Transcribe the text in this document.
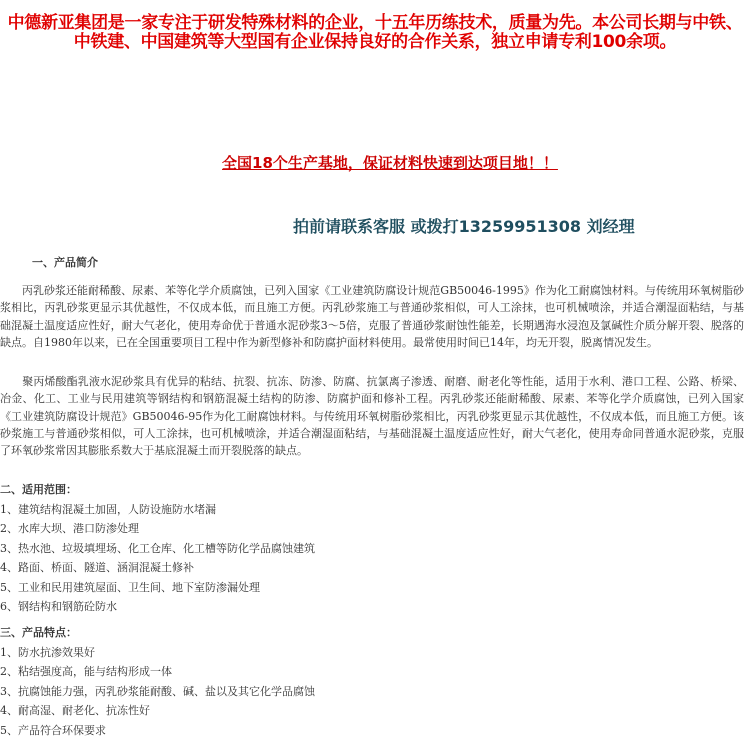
中德新亚集团是一家专注于研发特殊材料的企业，十五年历练技术，质量为先。本公司长期与中铁、中铁建、中国建筑等大型国有企业保持良好的合作关系，独立申请专利100余项。
全国18个生产基地，保证材料快速到达项目地！！
拍前请联系客服 或拨打13259951308 刘经理
一、产品简介
　　丙乳砂浆还能耐稀酸、尿素、苯等化学介质腐蚀，已列入国家《工业建筑防腐设计规范GB50046-1995》作为化工耐腐蚀材料。与传统用环氧树脂砂浆相比，丙乳砂浆更显示其优越性，不仅成本低，而且施工方便。丙乳砂浆施工与普通砂浆相似，可人工涂抹，也可机械喷涂，并适合潮湿面粘结，与基础混凝土温度适应性好，耐大气老化，使用寿命优于普通水泥砂浆3～5倍，克服了普通砂浆耐蚀性能差，长期遇海水浸泡及氯碱性介质分解开裂、脱落的缺点。自1980年以来，已在全国重要项目工程中作为新型修补和防腐护面材料使用。最常使用时间已14年，均无开裂，脱离情况发生。
　　聚丙烯酸酯乳液水泥砂浆具有优异的粘结、抗裂、抗冻、防渗、防腐、抗氯离子渗透、耐磨、耐老化等性能，适用于水利、港口工程、公路、桥梁、冶金、化工、工业与民用建筑等钢结构和钢筋混凝土结构的防渗、防腐护面和修补工程。丙乳砂浆还能耐稀酸、尿素、苯等化学介质腐蚀，已列入国家《工业建筑防腐设计规范》GB50046-95作为化工耐腐蚀材料。与传统用环氧树脂砂浆相比，丙乳砂浆更显示其优越性，不仅成本低，而且施工方便。该砂浆施工与普通砂浆相似，可人工涂抹，也可机械喷涂，并适合潮湿面粘结，与基础混凝土温度适应性好，耐大气老化，使用寿命同普通水泥砂浆，克服了环氧砂浆常因其膨胀系数大于基底混凝土而开裂脱落的缺点。
二、适用范围：
1、建筑结构混凝土加固，人防设施防水堵漏
2、水库大坝、港口防渗处理
3、热水池、垃圾填埋场、化工仓库、化工槽等防化学品腐蚀建筑
4、路面、桥面、隧道、涵洞混凝土修补
5、工业和民用建筑屋面、卫生间、地下室防渗漏处理
6、钢结构和钢筋砼防水
三、产品特点：
1、防水抗渗效果好
2、粘结强度高，能与结构形成一体
3、抗腐蚀能力强，丙乳砂浆能耐酸、碱、盐以及其它化学品腐蚀
4、耐高湿、耐老化、抗冻性好
5、产品符合环保要求
